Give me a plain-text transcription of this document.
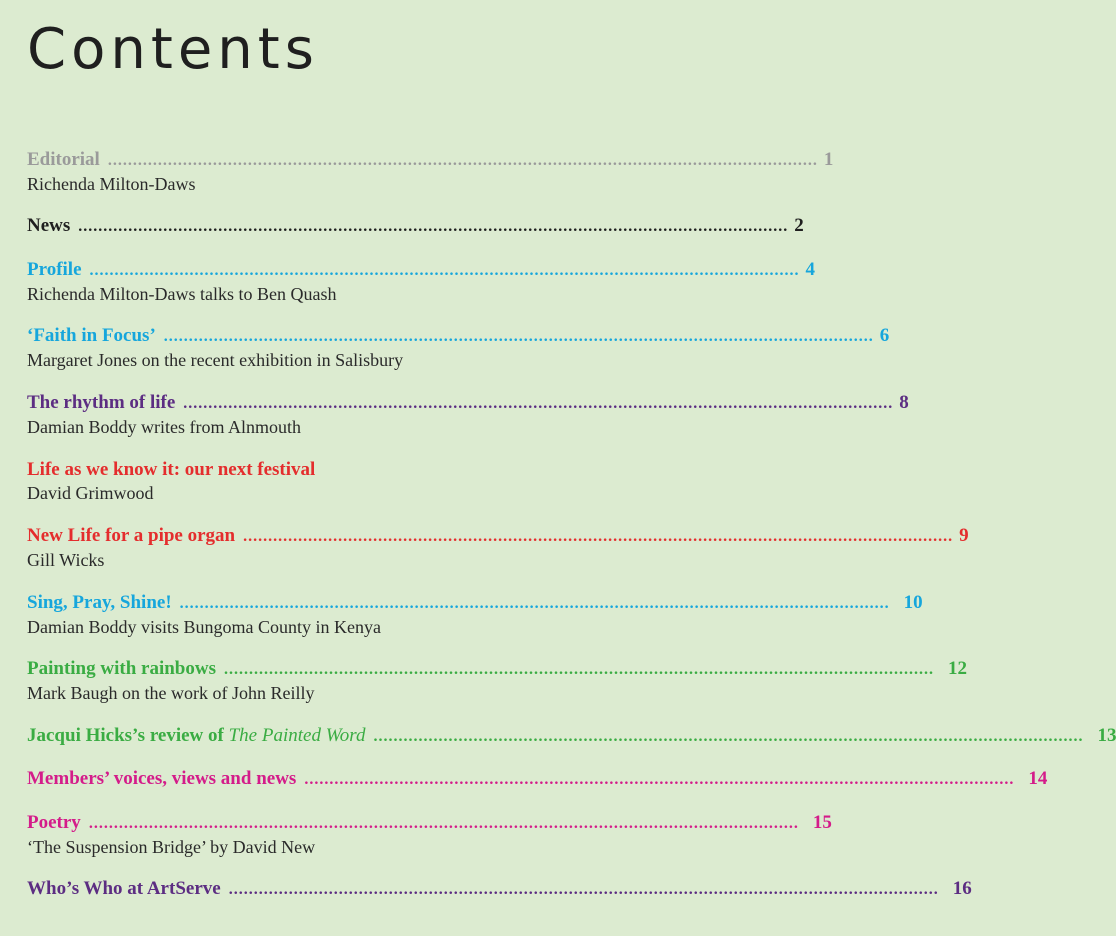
Contents
Editorial .............................................................................................................................................. 1
Richenda Milton-Daws
News .............................................................................................................................................. 2
Profile .............................................................................................................................................. 4
Richenda Milton-Daws talks to Ben Quash
‘Faith in Focus’ .............................................................................................................................................. 6
Margaret Jones on the recent exhibition in Salisbury
The rhythm of life .............................................................................................................................................. 8
Damian Boddy writes from Alnmouth
Life as we know it: our next festival
David Grimwood
New Life for a pipe organ .............................................................................................................................................. 9
Gill Wicks
Sing, Pray, Shine! .............................................................................................................................................. 10
Damian Boddy visits Bungoma County in Kenya
Painting with rainbows .............................................................................................................................................. 12
Mark Baugh on the work of John Reilly
Jacqui Hicks’s review of The Painted Word .............................................................................................................................................. 13
Members’ voices, views and news .............................................................................................................................................. 14
Poetry .............................................................................................................................................. 15
‘The Suspension Bridge’ by David New
Who’s Who at ArtServe .............................................................................................................................................. 16
